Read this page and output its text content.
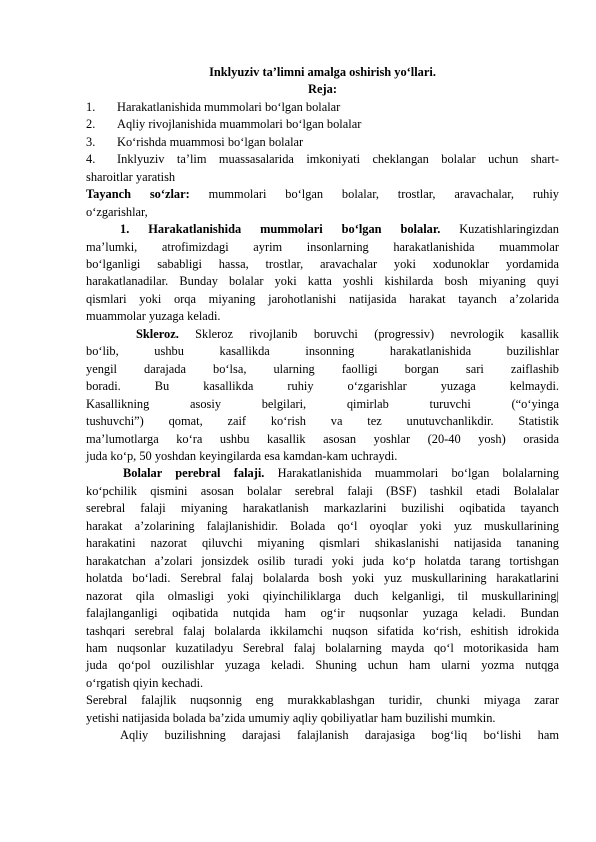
Inklyuziv ta’limni amalga oshirish yo‘llari.

Reja:

1.	Harakatlanishida mummolari bo‘lgan bolalar
2.	Aqliy rivojlanishida muammolari bo‘lgan bolalar
3.	Ko‘rishda muammosi bo‘lgan bolalar
4.	Inklyuziv ta’lim muassasalarida imkoniyati cheklangan bolalar uchun shart-

sharoitlar yaratish

Tayanch so‘zlar: mummolari bo‘lgan bolalar, trostlar, aravachalar, ruhiy

o‘zgarishlar,

1. Harakatlanishida mummolari bo‘lgan bolalar. Kuzatishlaringizdan

ma’lumki, atrofimizdagi ayrim insonlarning harakatlanishida muammolar

bo‘lganligi sababligi hassa, trostlar, aravachalar yoki xodunoklar yordamida

harakatlanadilar. Bunday bolalar yoki katta yoshli kishilarda bosh miyaning quyi

qismlari yoki orqa miyaning jarohotlanishi natijasida harakat tayanch a’zolarida

muammolar yuzaga keladi.

Skleroz. Skleroz rivojlanib boruvchi (progressiv) nevrologik kasallik

bo‘lib, ushbu kasallikda insonning harakatlanishida buzilishlar

yengil darajada bo‘lsa, ularning faolligi borgan sari zaiflashib

boradi. Bu kasallikda ruhiy o‘zgarishlar yuzaga kelmaydi.

Kasallikning asosiy belgilari, qimirlab turuvchi (“o‘yinga

tushuvchi”) qomat, zaif ko‘rish va tez unutuvchanlikdir. Statistik

ma’lumotlarga ko‘ra ushbu kasallik asosan yoshlar (20-40 yosh) orasida

juda ko‘p, 50 yoshdan keyingilarda esa kamdan-kam uchraydi.

Bolalar perebral falaji. Harakatlanishida muammolari bo‘lgan bolalarning

ko‘pchilik qismini asosan bolalar serebral falaji (BSF) tashkil etadi Bolalalar

serebral falaji miyaning harakatlanish markazlarini buzilishi oqibatida tayanch

harakat a’zolarining falajlanishidir. Bolada qo‘l oyoqlar yoki yuz muskullarining

harakatini nazorat qiluvchi miyaning qismlari shikaslanishi natijasida tananing

harakatchan a’zolari jonsizdek osilib turadi yoki juda ko‘p holatda tarang tortishgan

holatda bo‘ladi. Serebral falaj bolalarda bosh yoki yuz muskullarining harakatlarini

nazorat qila olmasligi yoki qiyinchiliklarga duch kelganligi, til muskullarining|

falajlanganligi oqibatida nutqida ham og‘ir nuqsonlar yuzaga keladi. Bundan

tashqari serebral falaj bolalarda ikkilamchi nuqson sifatida ko‘rish, eshitish idrokida

ham nuqsonlar kuzatiladyu Serebral falaj bolalarning mayda qo‘l motorikasida ham

juda qo‘pol ouzilishlar yuzaga keladi. Shuning uchun ham ularni yozma nutqga

o‘rgatish qiyin kechadi.

Serebral falajlik nuqsonnig eng murakkablashgan turidir, chunki miyaga zarar

yetishi natijasida bolada ba’zida umumiy aqliy qobiliyatlar ham buzilishi mumkin.

Aqliy buzilishning darajasi falajlanish darajasiga bog‘liq bo‘lishi ham
